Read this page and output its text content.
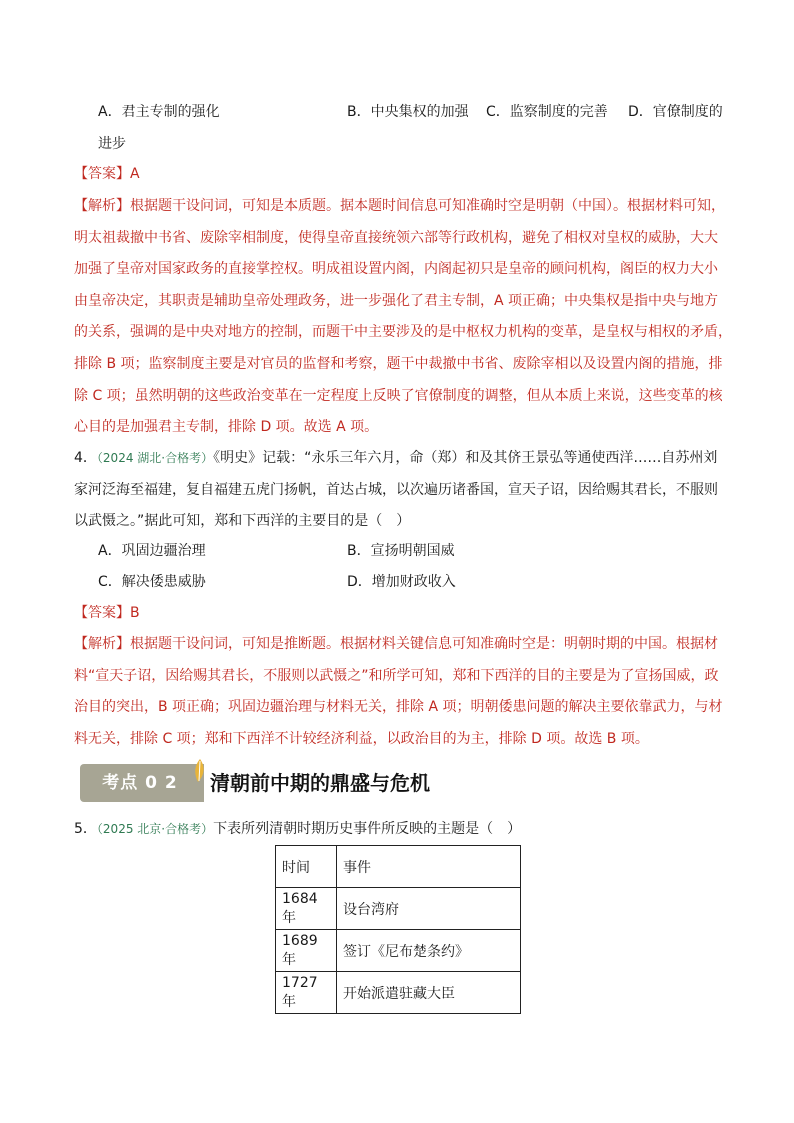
A．君主专制的强化	B．中央集权的加强 C．监察制度的完善 D．官僚制度的
进步
【答案】A
【解析】根据题干设问词，可知是本质题。据本题时间信息可知准确时空是明朝（中国）。根据材料可知，
明太祖裁撤中书省、废除宰相制度，使得皇帝直接统领六部等行政机构，避免了相权对皇权的威胁，大大
加强了皇帝对国家政务的直接掌控权。明成祖设置内阁，内阁起初只是皇帝的顾问机构，阁臣的权力大小
由皇帝决定，其职责是辅助皇帝处理政务，进一步强化了君主专制，A 项正确；中央集权是指中央与地方
的关系，强调的是中央对地方的控制，而题干中主要涉及的是中枢权力机构的变革，是皇权与相权的矛盾，
排除 B 项；监察制度主要是对官员的监督和考察，题干中裁撤中书省、废除宰相以及设置内阁的措施，排
除 C 项；虽然明朝的这些政治变革在一定程度上反映了官僚制度的调整，但从本质上来说，这些变革的核
心目的是加强君主专制，排除 D 项。故选 A 项。
4．（2024 湖北·合格考）《明史》记载：“永乐三年六月，命（郑）和及其侪王景弘等通使西洋……自苏州刘
家河泛海至福建，复自福建五虎门扬帆，首达占城，以次遍历诸番国，宣天子诏，因给赐其君长，不服则
以武慑之。”据此可知，郑和下西洋的主要目的是（　）
A．巩固边疆治理	B．宣扬明朝国威
C．解决倭患威胁	D．增加财政收入
【答案】B
【解析】根据题干设问词，可知是推断题。根据材料关键信息可知准确时空是：明朝时期的中国。根据材
料“宣天子诏，因给赐其君长，不服则以武慑之”和所学可知，郑和下西洋的目的主要是为了宣扬国威，政
治目的突出，B 项正确；巩固边疆治理与材料无关，排除 A 项；明朝倭患问题的解决主要依靠武力，与材
料无关，排除 C 项；郑和下西洋不计较经济利益，以政治目的为主，排除 D 项。故选 B 项。
考点 0 2	清朝前中期的鼎盛与危机
5．（2025 北京·合格考）下表所列清朝时期历史事件所反映的主题是（　）
时间	事件
1684 年	设台湾府
1689 年	签订《尼布楚条约》
1727 年	开始派遣驻藏大臣
